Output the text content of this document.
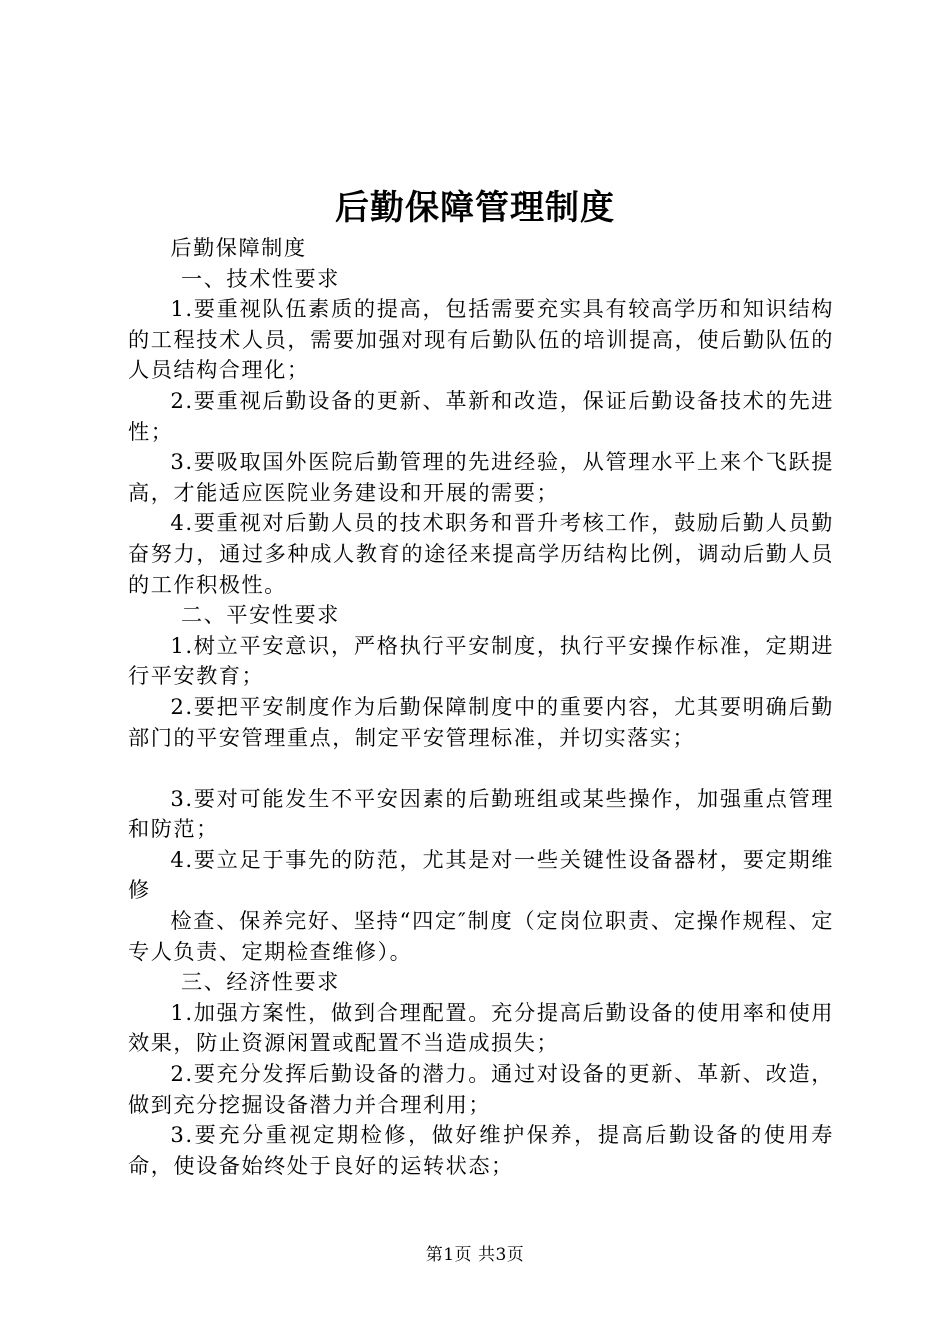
后勤保障管理制度

后勤保障制度

一、技术性要求

1.要重视队伍素质的提高，包括需要充实具有较高学历和知识结构的工程技术人员，需要加强对现有后勤队伍的培训提高，使后勤队伍的人员结构合理化；

2.要重视后勤设备的更新、革新和改造，保证后勤设备技术的先进性；

3.要吸取国外医院后勤管理的先进经验，从管理水平上来个飞跃提高，才能适应医院业务建设和开展的需要；

4.要重视对后勤人员的技术职务和晋升考核工作，鼓励后勤人员勤奋努力，通过多种成人教育的途径来提高学历结构比例，调动后勤人员的工作积极性。

二、平安性要求

1.树立平安意识，严格执行平安制度，执行平安操作标准，定期进行平安教育；

2.要把平安制度作为后勤保障制度中的重要内容，尤其要明确后勤部门的平安管理重点，制定平安管理标准，并切实落实；

3.要对可能发生不平安因素的后勤班组或某些操作，加强重点管理和防范；

4.要立足于事先的防范，尤其是对一些关键性设备器材，要定期维修

检查、保养完好、坚持“四定″制度（定岗位职责、定操作规程、定专人负责、定期检查维修）。

三、经济性要求

1.加强方案性，做到合理配置。充分提高后勤设备的使用率和使用效果，防止资源闲置或配置不当造成损失；

2.要充分发挥后勤设备的潜力。通过对设备的更新、革新、改造，做到充分挖掘设备潜力并合理利用；

3.要充分重视定期检修，做好维护保养，提高后勤设备的使用寿命，使设备始终处于良好的运转状态；

第1页 共3页
